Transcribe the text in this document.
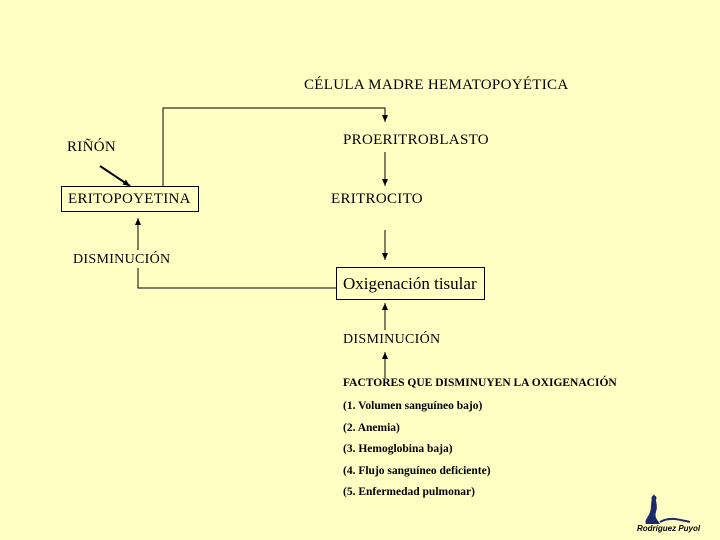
CÉLULA MADRE HEMATOPOYÉTICA
RIÑÓN	PROERITROBLASTO
ERITOPOYETINA	ERITROCITO
DISMINUCIÓN
Oxigenación tisular
DISMINUCIÓN
FACTORES QUE DISMINUYEN LA OXIGENACIÓN
(1. Volumen sanguíneo bajo)
(2. Anemia)
(3. Hemoglobina baja)
(4. Flujo sanguíneo deficiente)
(5. Enfermedad pulmonar)
Rodríguez Puyol
